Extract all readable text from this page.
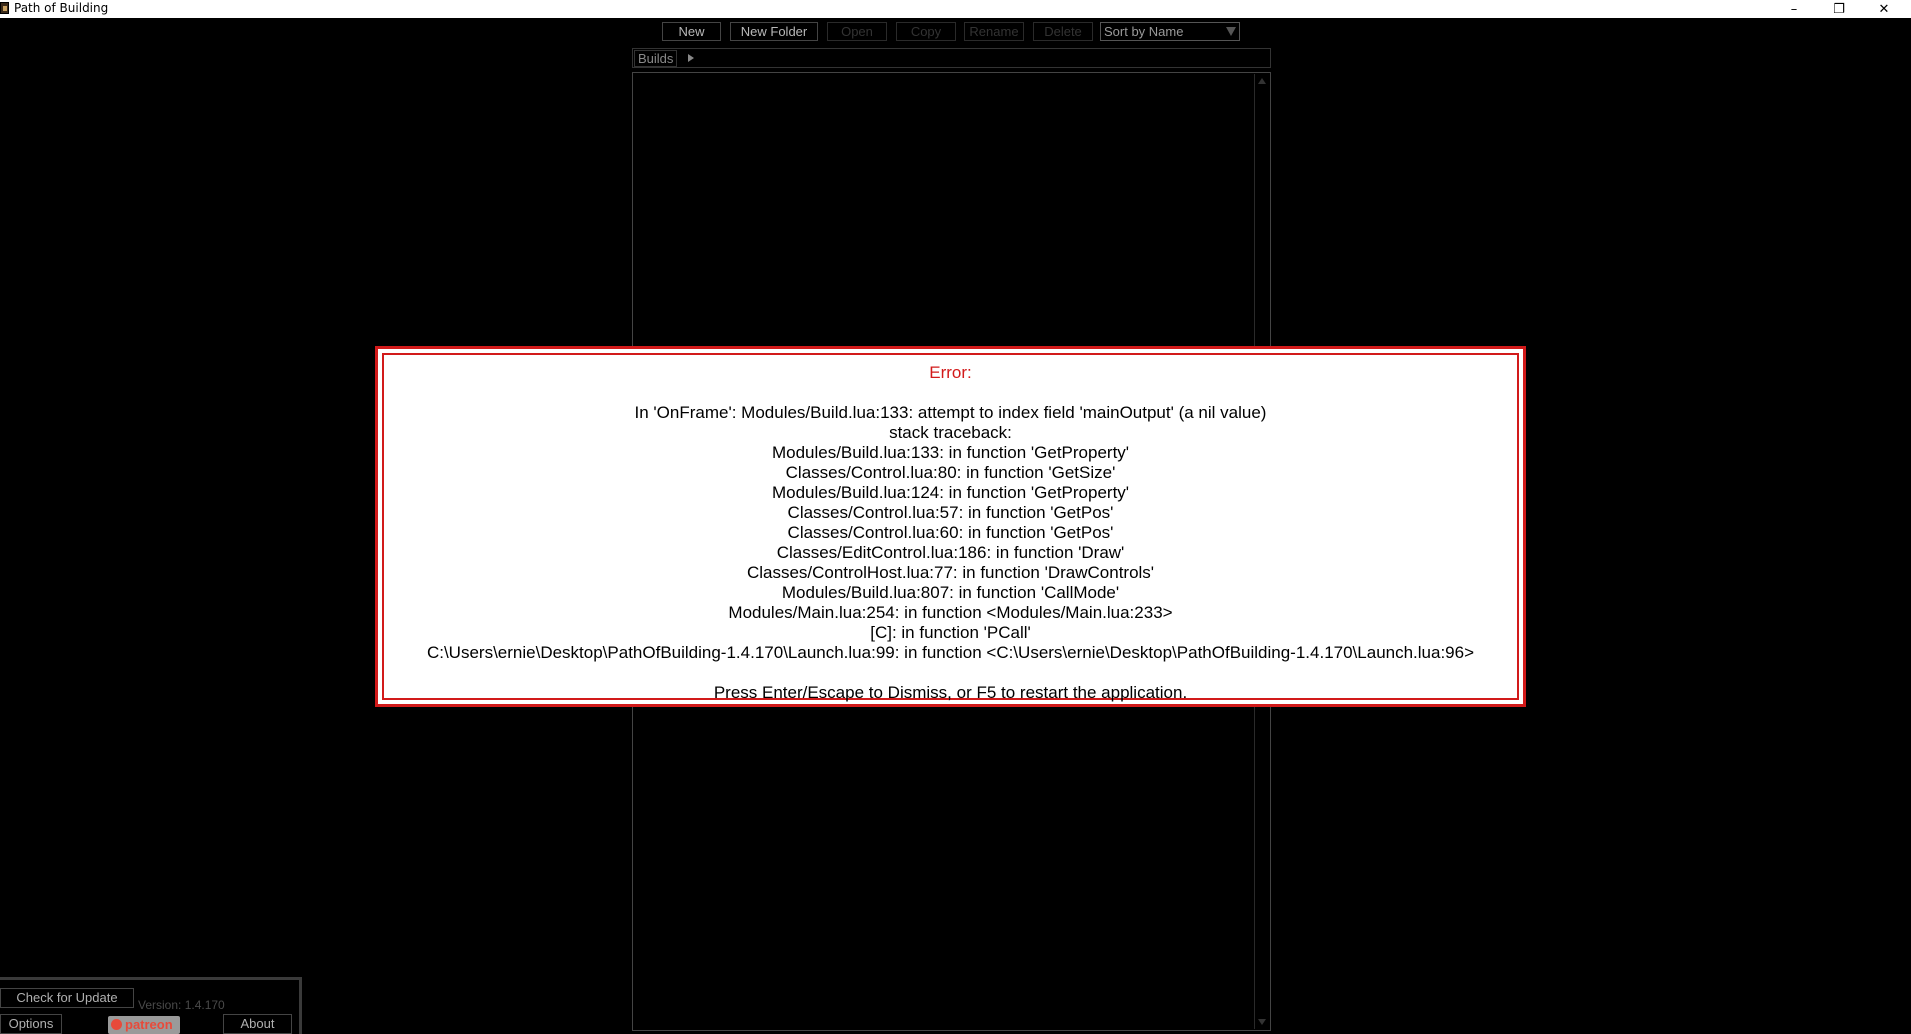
Path of Building	–	❐	✕
New	New Folder	Open	Copy	Rename	Delete	Sort by Name
Builds
Check for Update	Version: 1.4.170
Options	patreon	About
Error:
In 'OnFrame': Modules/Build.lua:133: attempt to index field 'mainOutput' (a nil value)
stack traceback:
Modules/Build.lua:133: in function 'GetProperty'
Classes/Control.lua:80: in function 'GetSize'
Modules/Build.lua:124: in function 'GetProperty'
Classes/Control.lua:57: in function 'GetPos'
Classes/Control.lua:60: in function 'GetPos'
Classes/EditControl.lua:186: in function 'Draw'
Classes/ControlHost.lua:77: in function 'DrawControls'
Modules/Build.lua:807: in function 'CallMode'
Modules/Main.lua:254: in function <Modules/Main.lua:233>
[C]: in function 'PCall'
C:\Users\ernie\Desktop\PathOfBuilding-1.4.170\Launch.lua:99: in function <C:\Users\ernie\Desktop\PathOfBuilding-1.4.170\Launch.lua:96>
Press Enter/Escape to Dismiss, or F5 to restart the application.
